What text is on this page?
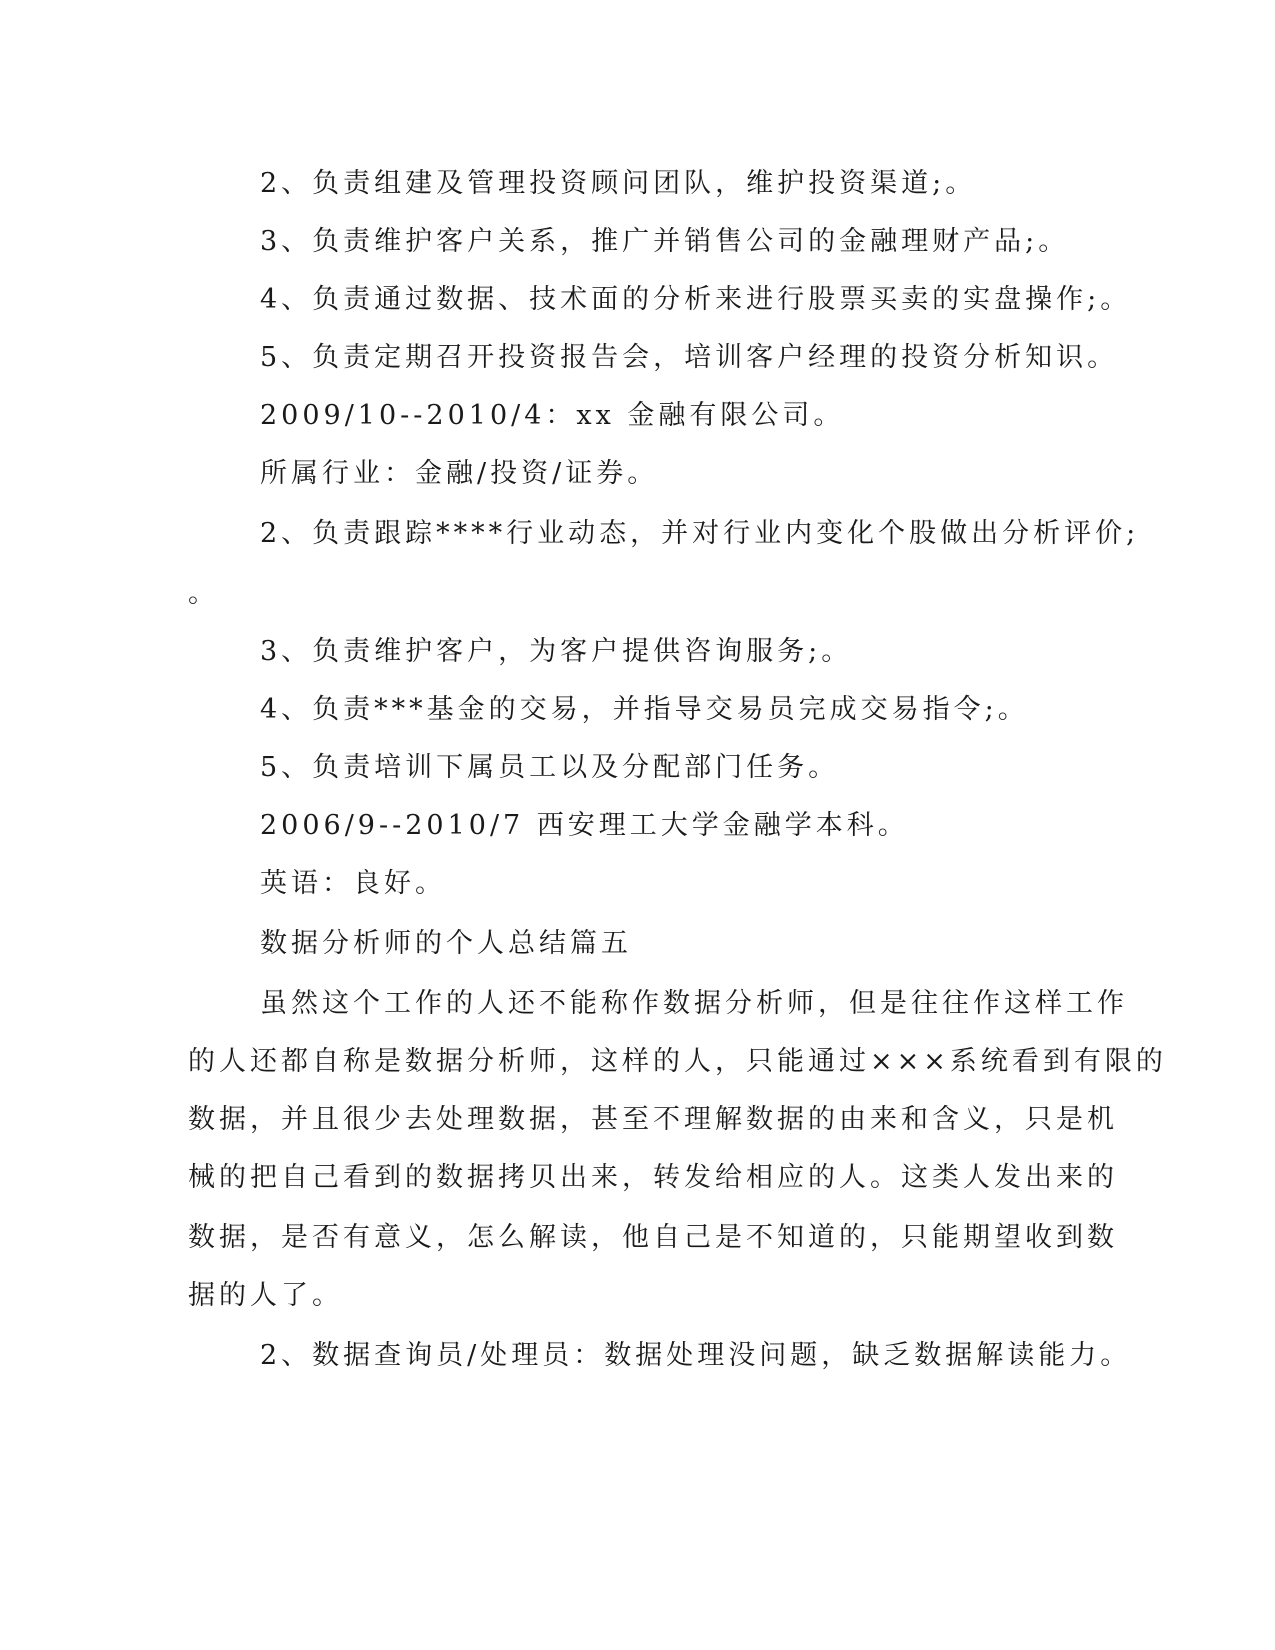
2、负责组建及管理投资顾问团队，维护投资渠道;。
3、负责维护客户关系，推广并销售公司的金融理财产品;。
4、负责通过数据、技术面的分析来进行股票买卖的实盘操作;。
5、负责定期召开投资报告会，培训客户经理的投资分析知识。
2009/10--2010/4：xx 金融有限公司。
所属行业：金融/投资/证券。
2、负责跟踪****行业动态，并对行业内变化个股做出分析评价;
。
3、负责维护客户，为客户提供咨询服务;。
4、负责***基金的交易，并指导交易员完成交易指令;。
5、负责培训下属员工以及分配部门任务。
2006/9--2010/7 西安理工大学金融学本科。
英语：良好。
数据分析师的个人总结篇五
虽然这个工作的人还不能称作数据分析师，但是往往作这样工作
的人还都自称是数据分析师，这样的人，只能通过×××系统看到有限的
数据，并且很少去处理数据，甚至不理解数据的由来和含义，只是机
械的把自己看到的数据拷贝出来，转发给相应的人。这类人发出来的
数据，是否有意义，怎么解读，他自己是不知道的，只能期望收到数
据的人了。
2、数据查询员/处理员：数据处理没问题，缺乏数据解读能力。
